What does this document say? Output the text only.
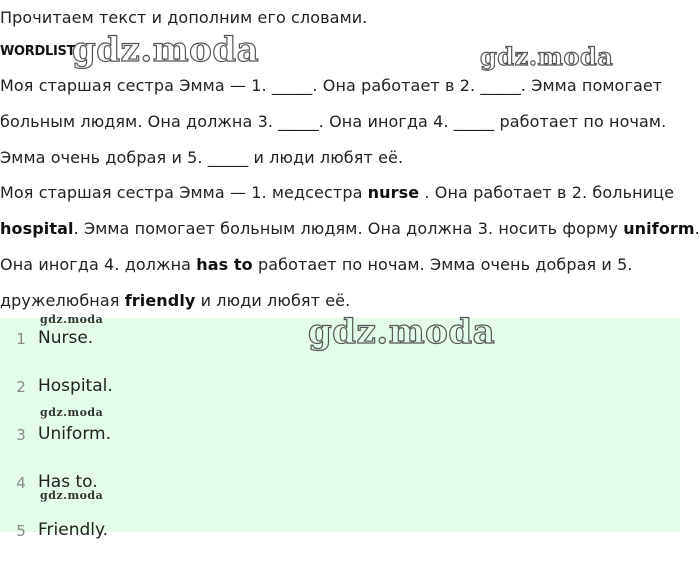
Прочитаем текст и дополним его словами.
WORDLIST
gdz.moda	gdz.moda
Моя старшая сестра Эмма — 1. _____. Она работает в 2. _____. Эмма помогает
больным людям. Она должна 3. _____. Она иногда 4. _____ работает по ночам.
Эмма очень добрая и 5. _____ и люди любят её.
Моя старшая сестра Эмма — 1. медсестра nurse . Она работает в 2. больнице
hospital. Эмма помогает больным людям. Она должна 3. носить форму uniform.
Она иногда 4. должна has to работает по ночам. Эмма очень добрая и 5.
дружелюбная friendly и люди любят её.
1 Nurse.
2 Hospital.
3 Uniform.
4 Has to.
5 Friendly.
gdz.moda	gdz.moda
gdz.moda
gdz.moda
